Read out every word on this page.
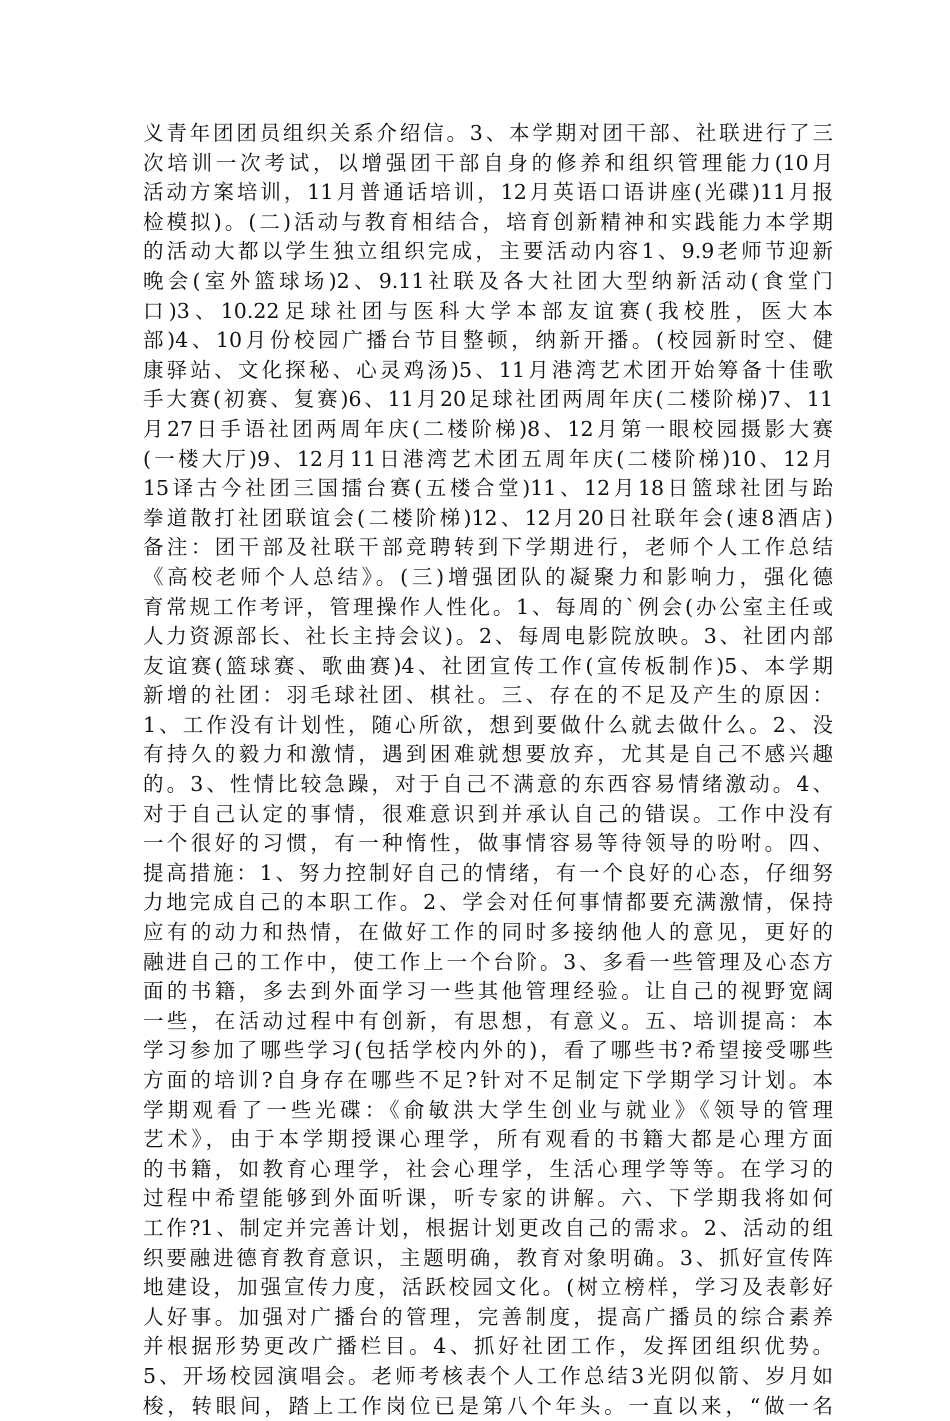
义青年团团员组织关系介绍信。3、本学期对团干部、社联进行了三
次培训一次考试，以增强团干部自身的修养和组织管理能力(10月
活动方案培训，11月普通话培训，12月英语口语讲座(光碟)11月报
检模拟)。(二)活动与教育相结合，培育创新精神和实践能力本学期
的活动大都以学生独立组织完成，主要活动内容1、9.9老师节迎新
晚会(室外篮球场)2、9.11社联及各大社团大型纳新活动(食堂门
口)3、10.22足球社团与医科大学本部友谊赛(我校胜，医大本
部)4、10月份校园广播台节目整顿，纳新开播。(校园新时空、健
康驿站、文化探秘、心灵鸡汤)5、11月港湾艺术团开始筹备十佳歌
手大赛(初赛、复赛)6、11月20足球社团两周年庆(二楼阶梯)7、11
月27日手语社团两周年庆(二楼阶梯)8、12月第一眼校园摄影大赛
(一楼大厅)9、12月11日港湾艺术团五周年庆(二楼阶梯)10、12月
15译古今社团三国擂台赛(五楼合堂)11、12月18日篮球社团与跆
拳道散打社团联谊会(二楼阶梯)12、12月20日社联年会(速8酒店)
备注：团干部及社联干部竞聘转到下学期进行，老师个人工作总结
《高校老师个人总结》。(三)增强团队的凝聚力和影响力，强化德
育常规工作考评，管理操作人性化。1、每周的`例会(办公室主任或
人力资源部长、社长主持会议)。2、每周电影院放映。3、社团内部
友谊赛(篮球赛、歌曲赛)4、社团宣传工作(宣传板制作)5、本学期
新增的社团：羽毛球社团、棋社。三、存在的不足及产生的原因：
1、工作没有计划性，随心所欲，想到要做什么就去做什么。2、没
有持久的毅力和激情，遇到困难就想要放弃，尤其是自己不感兴趣
的。3、性情比较急躁，对于自己不满意的东西容易情绪激动。4、
对于自己认定的事情，很难意识到并承认自己的错误。工作中没有
一个很好的习惯，有一种惰性，做事情容易等待领导的吩咐。四、
提高措施：1、努力控制好自己的情绪，有一个良好的心态，仔细努
力地完成自己的本职工作。2、学会对任何事情都要充满激情，保持
应有的动力和热情，在做好工作的同时多接纳他人的意见，更好的
融进自己的工作中，使工作上一个台阶。3、多看一些管理及心态方
面的书籍，多去到外面学习一些其他管理经验。让自己的视野宽阔
一些，在活动过程中有创新，有思想，有意义。五、培训提高：本
学习参加了哪些学习(包括学校内外的)，看了哪些书?希望接受哪些
方面的培训?自身存在哪些不足?针对不足制定下学期学习计划。本
学期观看了一些光碟：《俞敏洪大学生创业与就业》《领导的管理
艺术》，由于本学期授课心理学，所有观看的书籍大都是心理方面
的书籍，如教育心理学，社会心理学，生活心理学等等。在学习的
过程中希望能够到外面听课，听专家的讲解。六、下学期我将如何
工作?1、制定并完善计划，根据计划更改自己的需求。2、活动的组
织要融进德育教育意识，主题明确，教育对象明确。3、抓好宣传阵
地建设，加强宣传力度，活跃校园文化。(树立榜样，学习及表彰好
人好事。加强对广播台的管理，完善制度，提高广播员的综合素养
并根据形势更改广播栏目。4、抓好社团工作，发挥团组织优势。
5、开场校园演唱会。老师考核表个人工作总结3光阴似箭、岁月如
梭，转眼间，踏上工作岗位已是第八个年头。一直以来，“做一名
